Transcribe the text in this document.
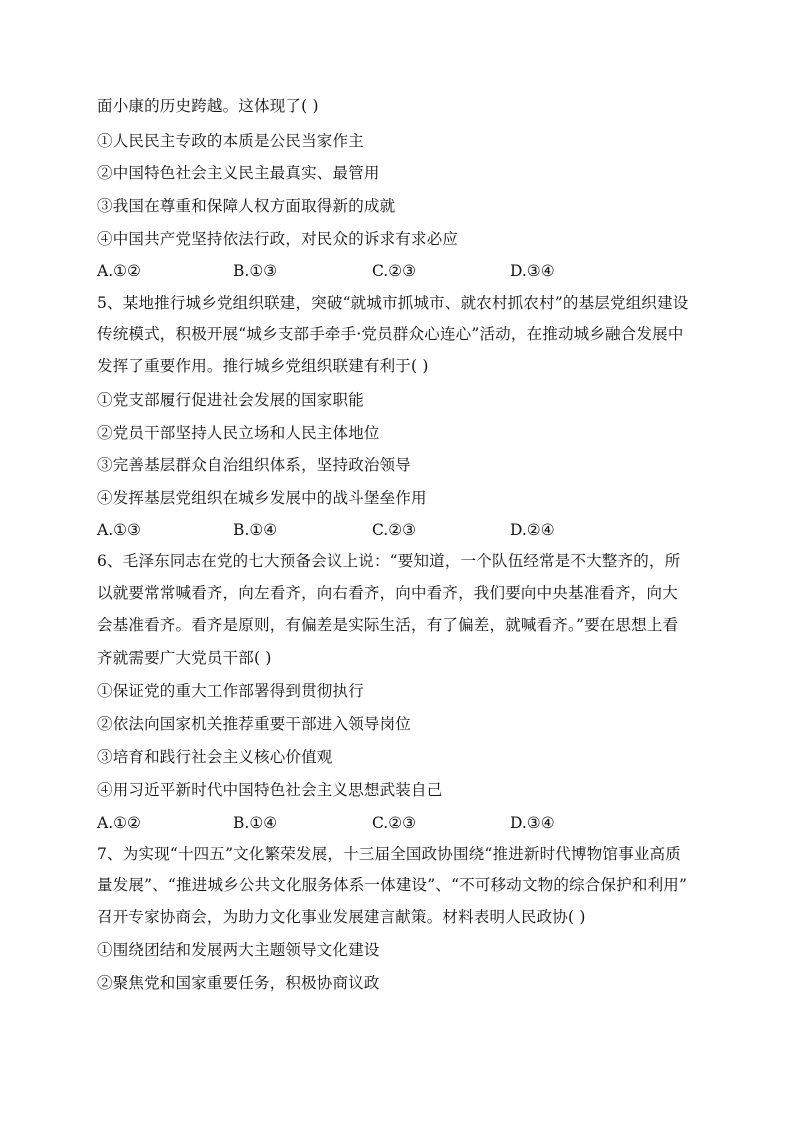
面小康的历史跨越。这体现了( )
①人民民主专政的本质是公民当家作主
②中国特色社会主义民主最真实、最管用
③我国在尊重和保障人权方面取得新的成就
④中国共产党坚持依法行政，对民众的诉求有求必应
A.①②	B.①③	C.②③	D.③④
5、某地推行城乡党组织联建，突破“就城市抓城市、就农村抓农村”的基层党组织建设
传统模式，积极开展“城乡支部手牵手·党员群众心连心”活动，在推动城乡融合发展中
发挥了重要作用。推行城乡党组织联建有利于( )
①党支部履行促进社会发展的国家职能
②党员干部坚持人民立场和人民主体地位
③完善基层群众自治组织体系，坚持政治领导
④发挥基层党组织在城乡发展中的战斗堡垒作用
A.①③	B.①④	C.②③	D.②④
6、毛泽东同志在党的七大预备会议上说：“要知道，一个队伍经常是不大整齐的，所
以就要常常喊看齐，向左看齐，向右看齐，向中看齐，我们要向中央基准看齐，向大
会基准看齐。看齐是原则，有偏差是实际生活，有了偏差，就喊看齐。”要在思想上看
齐就需要广大党员干部( )
①保证党的重大工作部署得到贯彻执行
②依法向国家机关推荐重要干部进入领导岗位
③培育和践行社会主义核心价值观
④用习近平新时代中国特色社会主义思想武装自己
A.①②	B.①④	C.②③	D.③④
7、为实现“十四五”文化繁荣发展，十三届全国政协围绕“推进新时代博物馆事业高质
量发展”、“推进城乡公共文化服务体系一体建设”、“不可移动文物的综合保护和利用”
召开专家协商会，为助力文化事业发展建言献策。材料表明人民政协( )
①围绕团结和发展两大主题领导文化建设
②聚焦党和国家重要任务，积极协商议政
